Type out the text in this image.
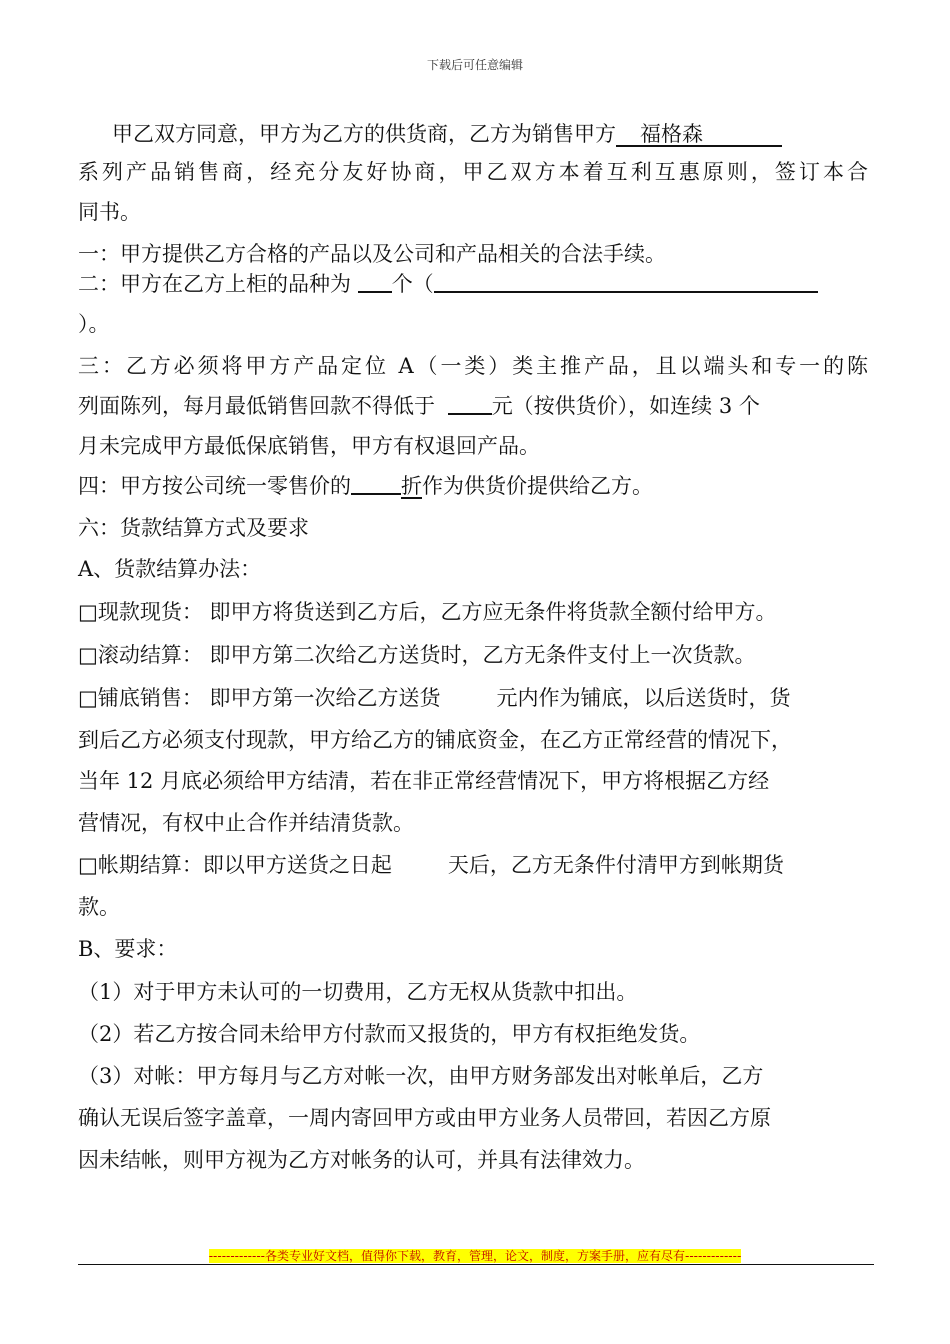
下载后可任意编辑
甲乙双方同意，甲方为乙方的供货商，乙方为销售甲方 福格森
系列产品销售商，经充分友好协商，甲乙双方本着互利互惠原则，签订本合
同书。
一：甲方提供乙方合格的产品以及公司和产品相关的合法手续。
二：甲方在乙方上柜的品种为 个（
）。
三：乙方必须将甲方产品定位 A（一类）类主推产品，且以端头和专一的陈
列面陈列，每月最低销售回款不得低于	元（按供货价），如连续 3 个
月未完成甲方最低保底销售，甲方有权退回产品。
四：甲方按公司统一零售价的 折作为供货价提供给乙方。
六：货款结算方式及要求
A、货款结算办法：
□现款现货： 即甲方将货送到乙方后，乙方应无条件将货款全额付给甲方。
□滚动结算： 即甲方第二次给乙方送货时，乙方无条件支付上一次货款。
□铺底销售： 即甲方第一次给乙方送货	元内作为铺底，以后送货时，货
到后乙方必须支付现款，甲方给乙方的铺底资金，在乙方正常经营的情况下，
当年 12 月底必须给甲方结清，若在非正常经营情况下，甲方将根据乙方经
营情况，有权中止合作并结清货款。
□帐期结算：即以甲方送货之日起	天后，乙方无条件付清甲方到帐期货
款。
B、要求：
（1）对于甲方未认可的一切费用，乙方无权从货款中扣出。
（2）若乙方按合同未给甲方付款而又报货的，甲方有权拒绝发货。
（3）对帐：甲方每月与乙方对帐一次，由甲方财务部发出对帐单后，乙方
确认无误后签字盖章，一周内寄回甲方或由甲方业务人员带回，若因乙方原
因未结帐，则甲方视为乙方对帐务的认可，并具有法律效力。
-------------各类专业好文档，值得你下载，教育，管理，论文，制度，方案手册，应有尽有-------------
